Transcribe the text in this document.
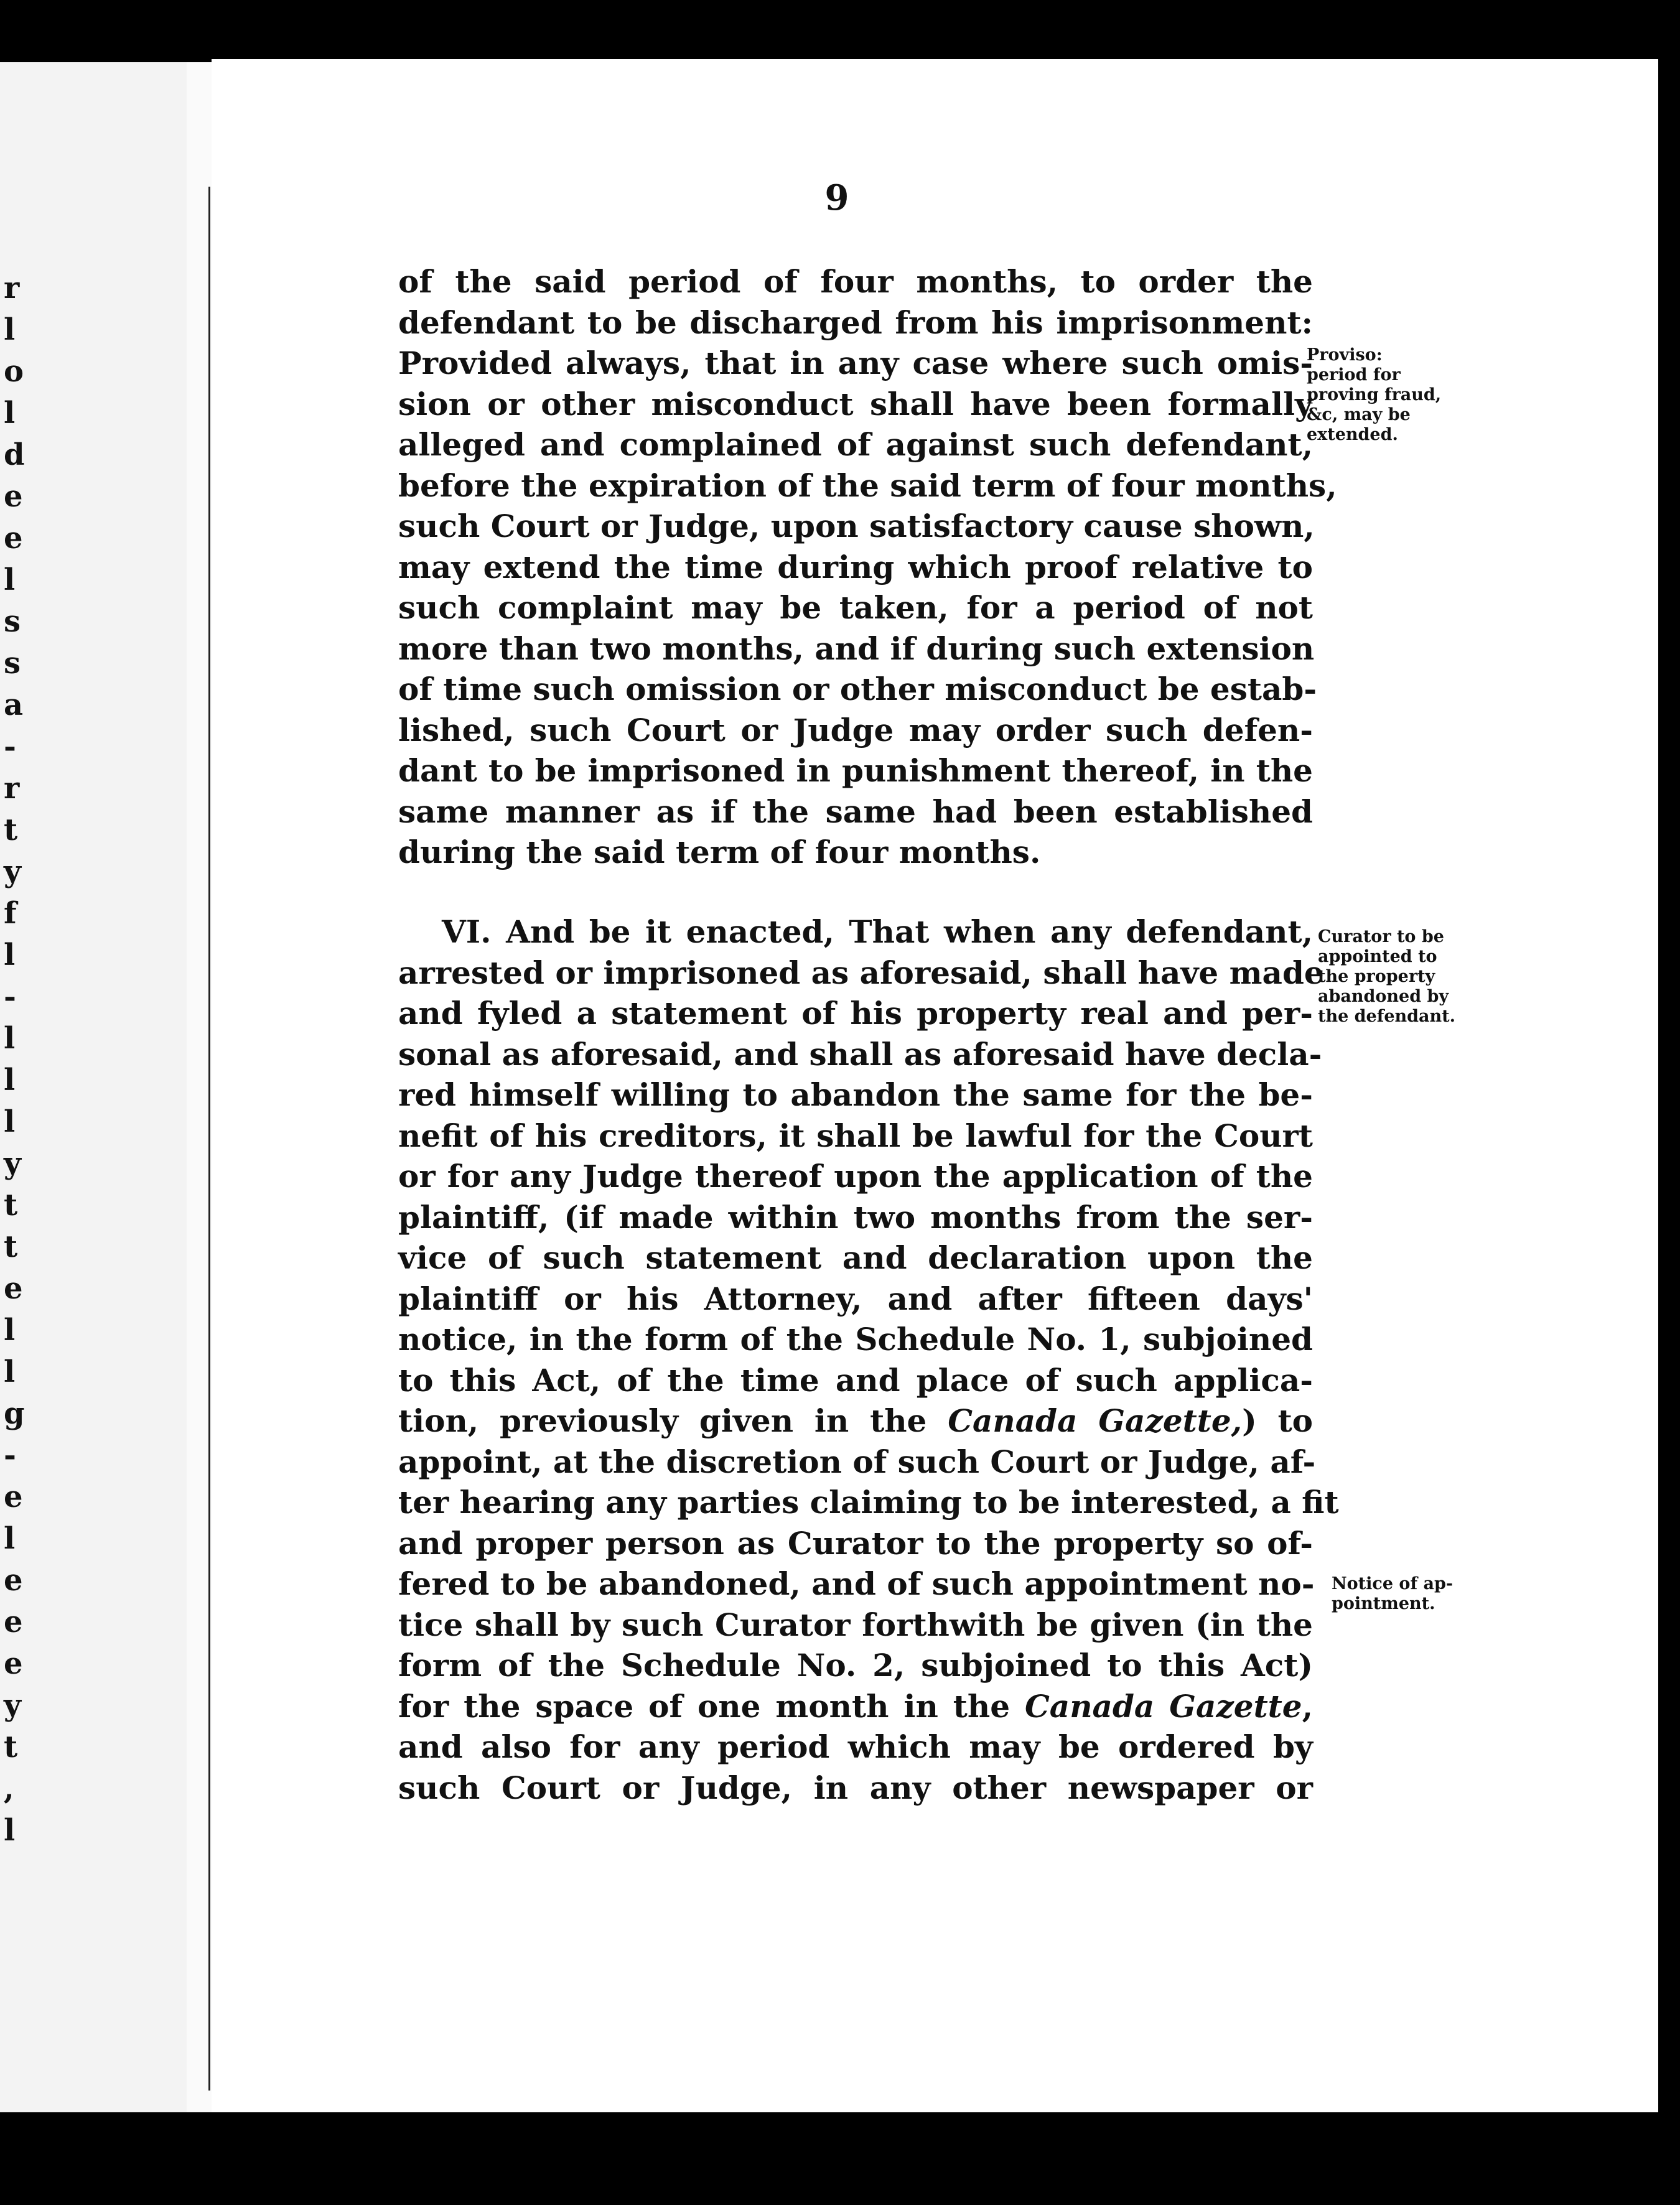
r
l
o
l
d
e
e
l
s
s
a
-
r
t
y
f
l
-
l
l
l
y
t
t
e
l
l
g
-
e
l
e
e
e
y
t
,
l
9
of the said period of four months, to order the
defendant to be discharged from his imprisonment:
Provided always, that in any case where such omis-
sion or other misconduct shall have been formally
alleged and complained of against such defendant,
before the expiration of the said term of four months,
such Court or Judge, upon satisfactory cause shown,
may extend the time during which proof relative to
such complaint may be taken, for a period of not
more than two months, and if during such extension
of time such omission or other misconduct be estab-
lished, such Court or Judge may order such defen-
dant to be imprisoned in punishment thereof, in the
same manner as if the same had been established
during the said term of four months.
VI. And be it enacted, That when any defendant,
arrested or imprisoned as aforesaid, shall have made
and fyled a statement of his property real and per-
sonal as aforesaid, and shall as aforesaid have decla-
red himself willing to abandon the same for the be-
nefit of his creditors, it shall be lawful for the Court
or for any Judge thereof upon the application of the
plaintiff, (if made within two months from the ser-
vice of such statement and declaration upon the
plaintiff or his Attorney, and after fifteen days'
notice, in the form of the Schedule No. 1, subjoined
to this Act, of the time and place of such applica-
tion, previously given in the Canada Gazette,) to
appoint, at the discretion of such Court or Judge, af-
ter hearing any parties claiming to be interested, a fit
and proper person as Curator to the property so of-
fered to be abandoned, and of such appointment no-
tice shall by such Curator forthwith be given (in the
form of the Schedule No. 2, subjoined to this Act)
for the space of one month in the Canada Gazette,
and also for any period which may be ordered by
such Court or Judge, in any other newspaper or
Proviso:
period for
proving fraud,
&c, may be
extended.
Curator to be
appointed to
the property
abandoned by
the defendant.
Notice of ap-
pointment.
